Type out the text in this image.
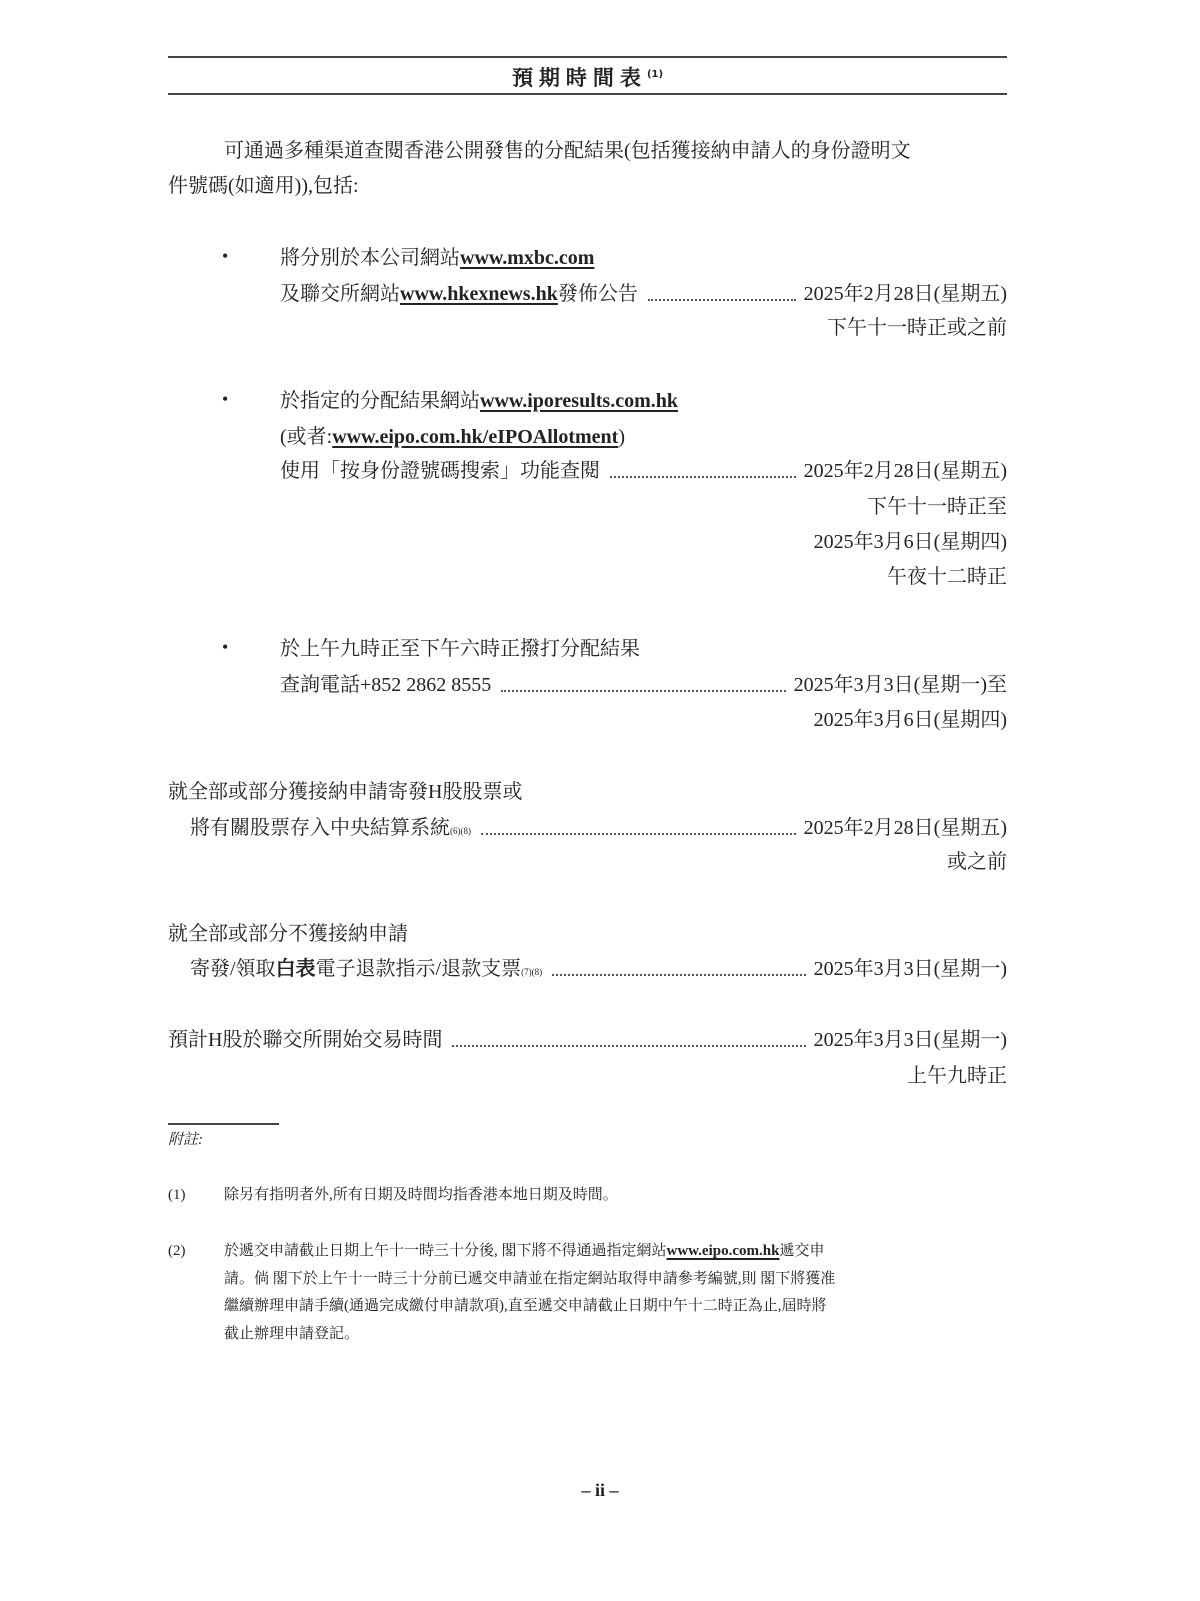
預期時間表$^{(1)}$
可通過多種渠道查閱香港公開發售的分配結果(包括獲接納申請人的身份證明文
件號碼(如適用)),包括:
•	將分別於本公司網站 www.mxbc.com
及聯交所網站 www.hkexnews.hk 發佈公告	2025年2月28日(星期五)
下午十一時正或之前
•	於指定的分配結果網站 www.iporesults.com.hk
(或者: www.eipo.com.hk/eIPOAllotment )
使用「按身份證號碼搜索」功能查閱	2025年2月28日(星期五)
下午十一時正至
2025年3月6日(星期四)
午夜十二時正
•	於上午九時正至下午六時正撥打分配結果
查詢電話+852 2862 8555	2025年3月3日(星期一)至
2025年3月6日(星期四)
就全部或部分獲接納申請寄發H股股票或
將有關股票存入中央結算系統 (6)(8)	2025年2月28日(星期五)
或之前
就全部或部分不獲接納申請
寄發/領取 白表 電子退款指示/退款支票 (7)(8)	2025年3月3日(星期一)
預計H股於聯交所開始交易時間	2025年3月3日(星期一)
上午九時正
附註:
(1)	除另有指明者外,所有日期及時間均指香港本地日期及時間。
(2)	於遞交申請截止日期上午十一時三十分後, 閣下將不得通過指定網站www.eipo.com.hk遞交申
請。倘 閣下於上午十一時三十分前已遞交申請並在指定網站取得申請參考編號,則 閣下將獲准
繼續辦理申請手續(通過完成繳付申請款項),直至遞交申請截止日期中午十二時正為止,屆時將
截止辦理申請登記。
– ii –
